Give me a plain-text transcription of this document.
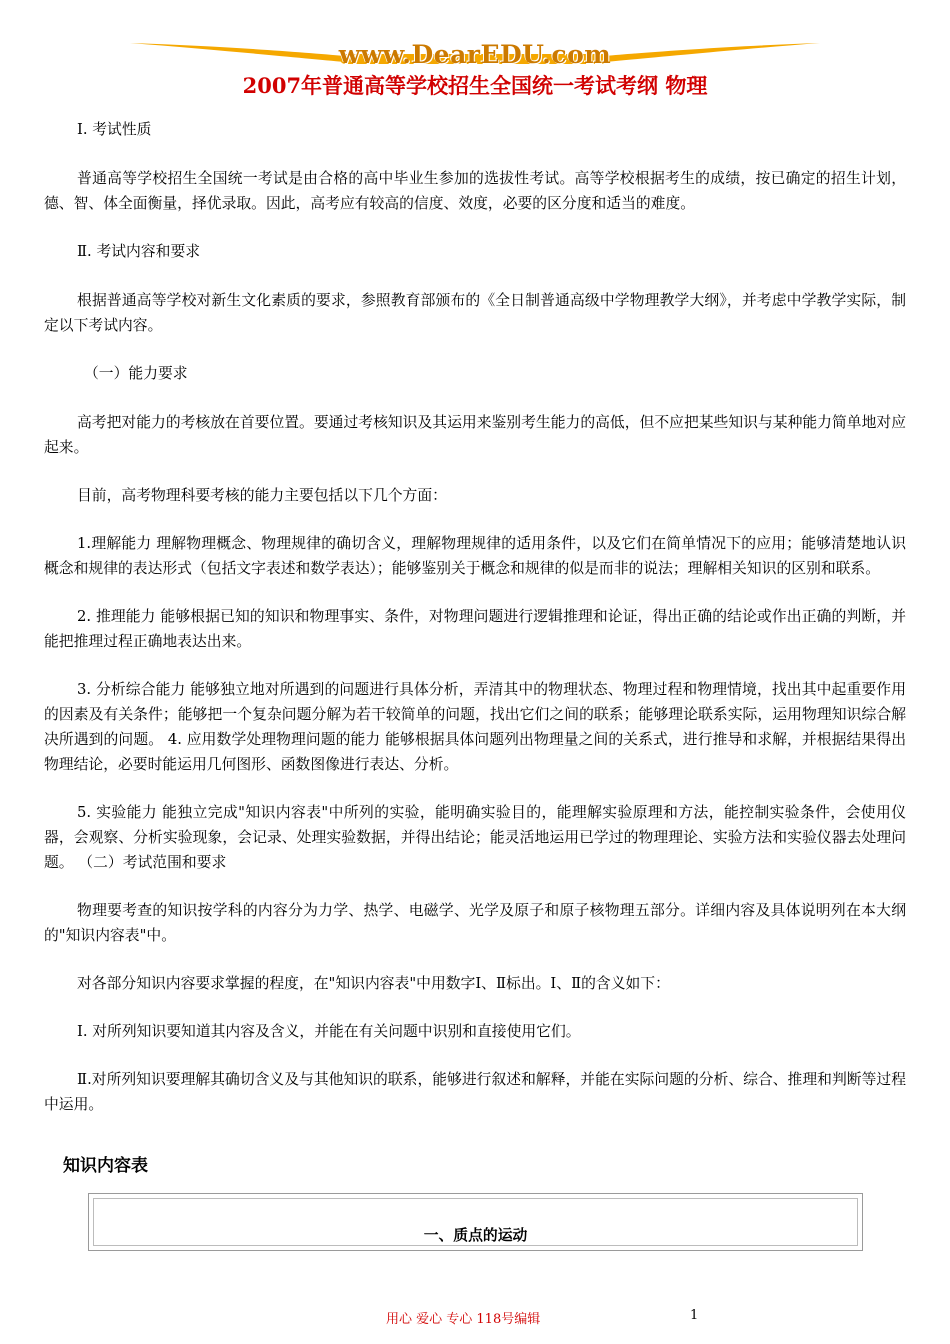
www.DearEDU.com
2007年普通高等学校招生全国统一考试考纲 物理

Ⅰ. 考试性质

普通高等学校招生全国统一考试是由合格的高中毕业生参加的选拔性考试。高等学校根据考生的成绩，按已确定的招生计划，德、智、体全面衡量，择优录取。因此，高考应有较高的信度、效度，必要的区分度和适当的难度。

Ⅱ. 考试内容和要求

根据普通高等学校对新生文化素质的要求，参照教育部颁布的《全日制普通高级中学物理教学大纲》，并考虑中学教学实际，制定以下考试内容。

（一）能力要求

高考把对能力的考核放在首要位置。要通过考核知识及其运用来鉴别考生能力的高低，但不应把某些知识与某种能力简单地对应起来。

目前，高考物理科要考核的能力主要包括以下几个方面：

1.理解能力 理解物理概念、物理规律的确切含义，理解物理规律的适用条件，以及它们在简单情况下的应用；能够清楚地认识概念和规律的表达形式（包括文字表述和数学表达）；能够鉴别关于概念和规律的似是而非的说法；理解相关知识的区别和联系。

2. 推理能力 能够根据已知的知识和物理事实、条件，对物理问题进行逻辑推理和论证，得出正确的结论或作出正确的判断，并能把推理过程正确地表达出来。

3. 分析综合能力 能够独立地对所遇到的问题进行具体分析，弄清其中的物理状态、物理过程和物理情境，找出其中起重要作用的因素及有关条件；能够把一个复杂问题分解为若干较简单的问题，找出它们之间的联系；能够理论联系实际，运用物理知识综合解决所遇到的问题。 4. 应用数学处理物理问题的能力 能够根据具体问题列出物理量之间的关系式，进行推导和求解，并根据结果得出物理结论，必要时能运用几何图形、函数图像进行表达、分析。

5. 实验能力 能独立完成"知识内容表"中所列的实验，能明确实验目的，能理解实验原理和方法，能控制实验条件，会使用仪器，会观察、分析实验现象，会记录、处理实验数据，并得出结论；能灵活地运用已学过的物理理论、实验方法和实验仪器去处理问题。 （二）考试范围和要求

物理要考查的知识按学科的内容分为力学、热学、电磁学、光学及原子和原子核物理五部分。详细内容及具体说明列在本大纲的"知识内容表"中。

对各部分知识内容要求掌握的程度，在"知识内容表"中用数字Ⅰ、Ⅱ标出。Ⅰ、Ⅱ的含义如下：

Ⅰ. 对所列知识要知道其内容及含义，并能在有关问题中识别和直接使用它们。

Ⅱ.对所列知识要理解其确切含义及与其他知识的联系，能够进行叙述和解释，并能在实际问题的分析、综合、推理和判断等过程中运用。

知识内容表
一、质点的运动
用心 爱心 专心 118号编辑	1
